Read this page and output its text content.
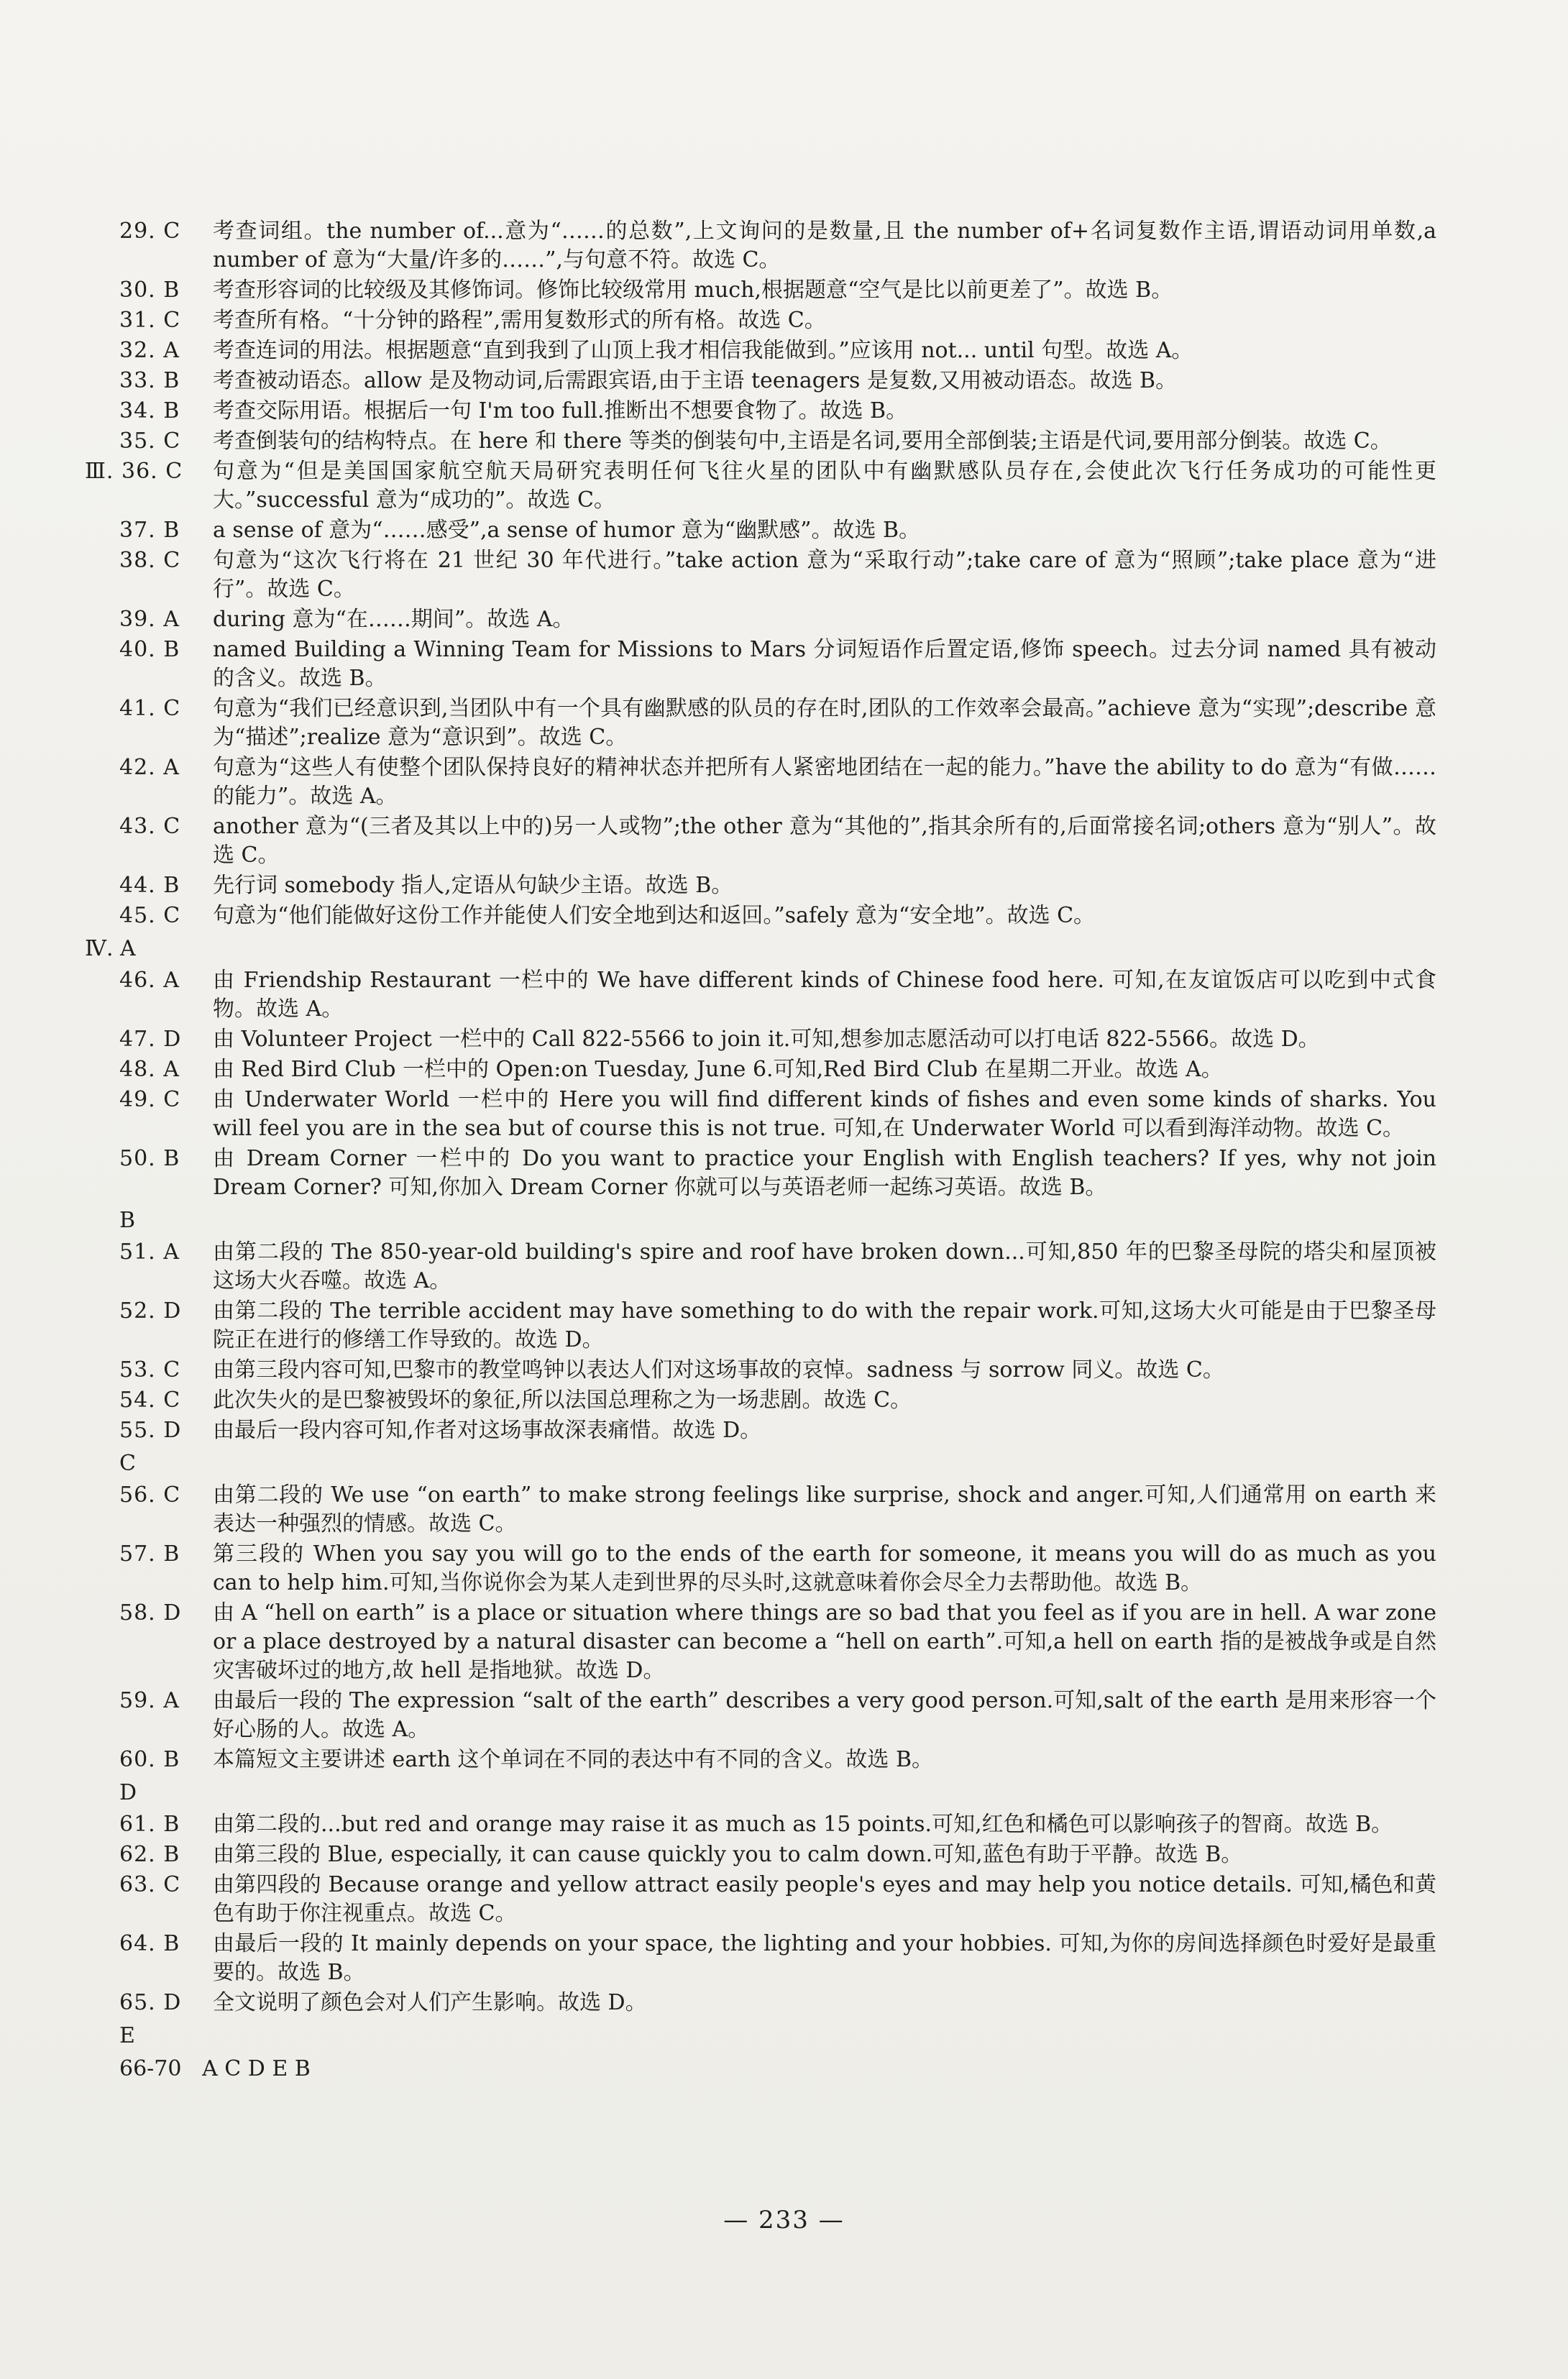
29. C	考查词组。the number of...意为“……的总数”,上文询问的是数量,且 the number of+名词复数作主语,谓语动词用单数,a number of 意为“大量/许多的……”,与句意不符。故选 C。
30. B	考查形容词的比较级及其修饰词。修饰比较级常用 much,根据题意“空气是比以前更差了”。故选 B。
31. C	考查所有格。“十分钟的路程”,需用复数形式的所有格。故选 C。
32. A	考查连词的用法。根据题意“直到我到了山顶上我才相信我能做到。”应该用 not... until 句型。故选 A。
33. B	考查被动语态。allow 是及物动词,后需跟宾语,由于主语 teenagers 是复数,又用被动语态。故选 B。
34. B	考查交际用语。根据后一句 I'm too full.推断出不想要食物了。故选 B。
35. C	考查倒装句的结构特点。在 here 和 there 等类的倒装句中,主语是名词,要用全部倒装;主语是代词,要用部分倒装。故选 C。
Ⅲ. 36. C	句意为“但是美国国家航空航天局研究表明任何飞往火星的团队中有幽默感队员存在,会使此次飞行任务成功的可能性更大。”successful 意为“成功的”。故选 C。
37. B	a sense of 意为“……感受”,a sense of humor 意为“幽默感”。故选 B。
38. C	句意为“这次飞行将在 21 世纪 30 年代进行。”take action 意为“采取行动”;take care of 意为“照顾”;take place 意为“进行”。故选 C。
39. A	during 意为“在……期间”。故选 A。
40. B	named Building a Winning Team for Missions to Mars 分词短语作后置定语,修饰 speech。过去分词 named 具有被动的含义。故选 B。
41. C	句意为“我们已经意识到,当团队中有一个具有幽默感的队员的存在时,团队的工作效率会最高。”achieve 意为“实现”;describe 意为“描述”;realize 意为“意识到”。故选 C。
42. A	句意为“这些人有使整个团队保持良好的精神状态并把所有人紧密地团结在一起的能力。”have the ability to do 意为“有做……的能力”。故选 A。
43. C	another 意为“(三者及其以上中的)另一人或物”;the other 意为“其他的”,指其余所有的,后面常接名词;others 意为“别人”。故选 C。
44. B	先行词 somebody 指人,定语从句缺少主语。故选 B。
45. C	句意为“他们能做好这份工作并能使人们安全地到达和返回。”safely 意为“安全地”。故选 C。
Ⅳ. A
46. A	由 Friendship Restaurant 一栏中的 We have different kinds of Chinese food here. 可知,在友谊饭店可以吃到中式食物。故选 A。
47. D	由 Volunteer Project 一栏中的 Call 822-5566 to join it.可知,想参加志愿活动可以打电话 822-5566。故选 D。
48. A	由 Red Bird Club 一栏中的 Open:on Tuesday, June 6.可知,Red Bird Club 在星期二开业。故选 A。
49. C	由 Underwater World 一栏中的 Here you will find different kinds of fishes and even some kinds of sharks. You will feel you are in the sea but of course this is not true. 可知,在 Underwater World 可以看到海洋动物。故选 C。
50. B	由 Dream Corner 一栏中的 Do you want to practice your English with English teachers? If yes, why not join Dream Corner? 可知,你加入 Dream Corner 你就可以与英语老师一起练习英语。故选 B。
B
51. A	由第二段的 The 850-year-old building's spire and roof have broken down...可知,850 年的巴黎圣母院的塔尖和屋顶被这场大火吞噬。故选 A。
52. D	由第二段的 The terrible accident may have something to do with the repair work.可知,这场大火可能是由于巴黎圣母院正在进行的修缮工作导致的。故选 D。
53. C	由第三段内容可知,巴黎市的教堂鸣钟以表达人们对这场事故的哀悼。sadness 与 sorrow 同义。故选 C。
54. C	此次失火的是巴黎被毁坏的象征,所以法国总理称之为一场悲剧。故选 C。
55. D	由最后一段内容可知,作者对这场事故深表痛惜。故选 D。
C
56. C	由第二段的 We use “on earth” to make strong feelings like surprise, shock and anger.可知,人们通常用 on earth 来表达一种强烈的情感。故选 C。
57. B	第三段的 When you say you will go to the ends of the earth for someone, it means you will do as much as you can to help him.可知,当你说你会为某人走到世界的尽头时,这就意味着你会尽全力去帮助他。故选 B。
58. D	由 A “hell on earth” is a place or situation where things are so bad that you feel as if you are in hell. A war zone or a place destroyed by a natural disaster can become a “hell on earth”.可知,a hell on earth 指的是被战争或是自然灾害破坏过的地方,故 hell 是指地狱。故选 D。
59. A	由最后一段的 The expression “salt of the earth” describes a very good person.可知,salt of the earth 是用来形容一个好心肠的人。故选 A。
60. B	本篇短文主要讲述 earth 这个单词在不同的表达中有不同的含义。故选 B。
D
61. B	由第二段的...but red and orange may raise it as much as 15 points.可知,红色和橘色可以影响孩子的智商。故选 B。
62. B	由第三段的 Blue, especially, it can cause quickly you to calm down.可知,蓝色有助于平静。故选 B。
63. C	由第四段的 Because orange and yellow attract easily people's eyes and may help you notice details. 可知,橘色和黄色有助于你注视重点。故选 C。
64. B	由最后一段的 It mainly depends on your space, the lighting and your hobbies. 可知,为你的房间选择颜色时爱好是最重要的。故选 B。
65. D	全文说明了颜色会对人们产生影响。故选 D。
E
66-70   A C D E B
— 233 —
